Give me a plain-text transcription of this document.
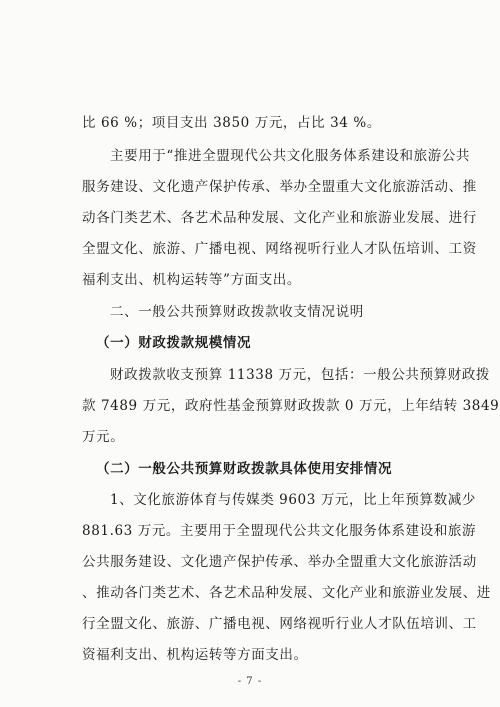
比 66 %；项目支出 3850 万元，占比 34 %。
主要用于“推进全盟现代公共文化服务体系建设和旅游公共
服务建设、文化遗产保护传承、举办全盟重大文化旅游活动、推
动各门类艺术、各艺术品种发展、文化产业和旅游业发展、进行
全盟文化、旅游、广播电视、网络视听行业人才队伍培训、工资
福利支出、机构运转等”方面支出。
二、一般公共预算财政拨款收支情况说明
（一）财政拨款规模情况
财政拨款收支预算 11338 万元，包括：一般公共预算财政拨
款 7489 万元，政府性基金预算财政拨款 0 万元，上年结转 3849
万元。
（二）一般公共预算财政拨款具体使用安排情况
1、文化旅游体育与传媒类 9603 万元，比上年预算数减少
881.63 万元。主要用于全盟现代公共文化服务体系建设和旅游
公共服务建设、文化遗产保护传承、举办全盟重大文化旅游活动
、推动各门类艺术、各艺术品种发展、文化产业和旅游业发展、进
行全盟文化、旅游、广播电视、网络视听行业人才队伍培训、工
资福利支出、机构运转等方面支出。
- 7 -
